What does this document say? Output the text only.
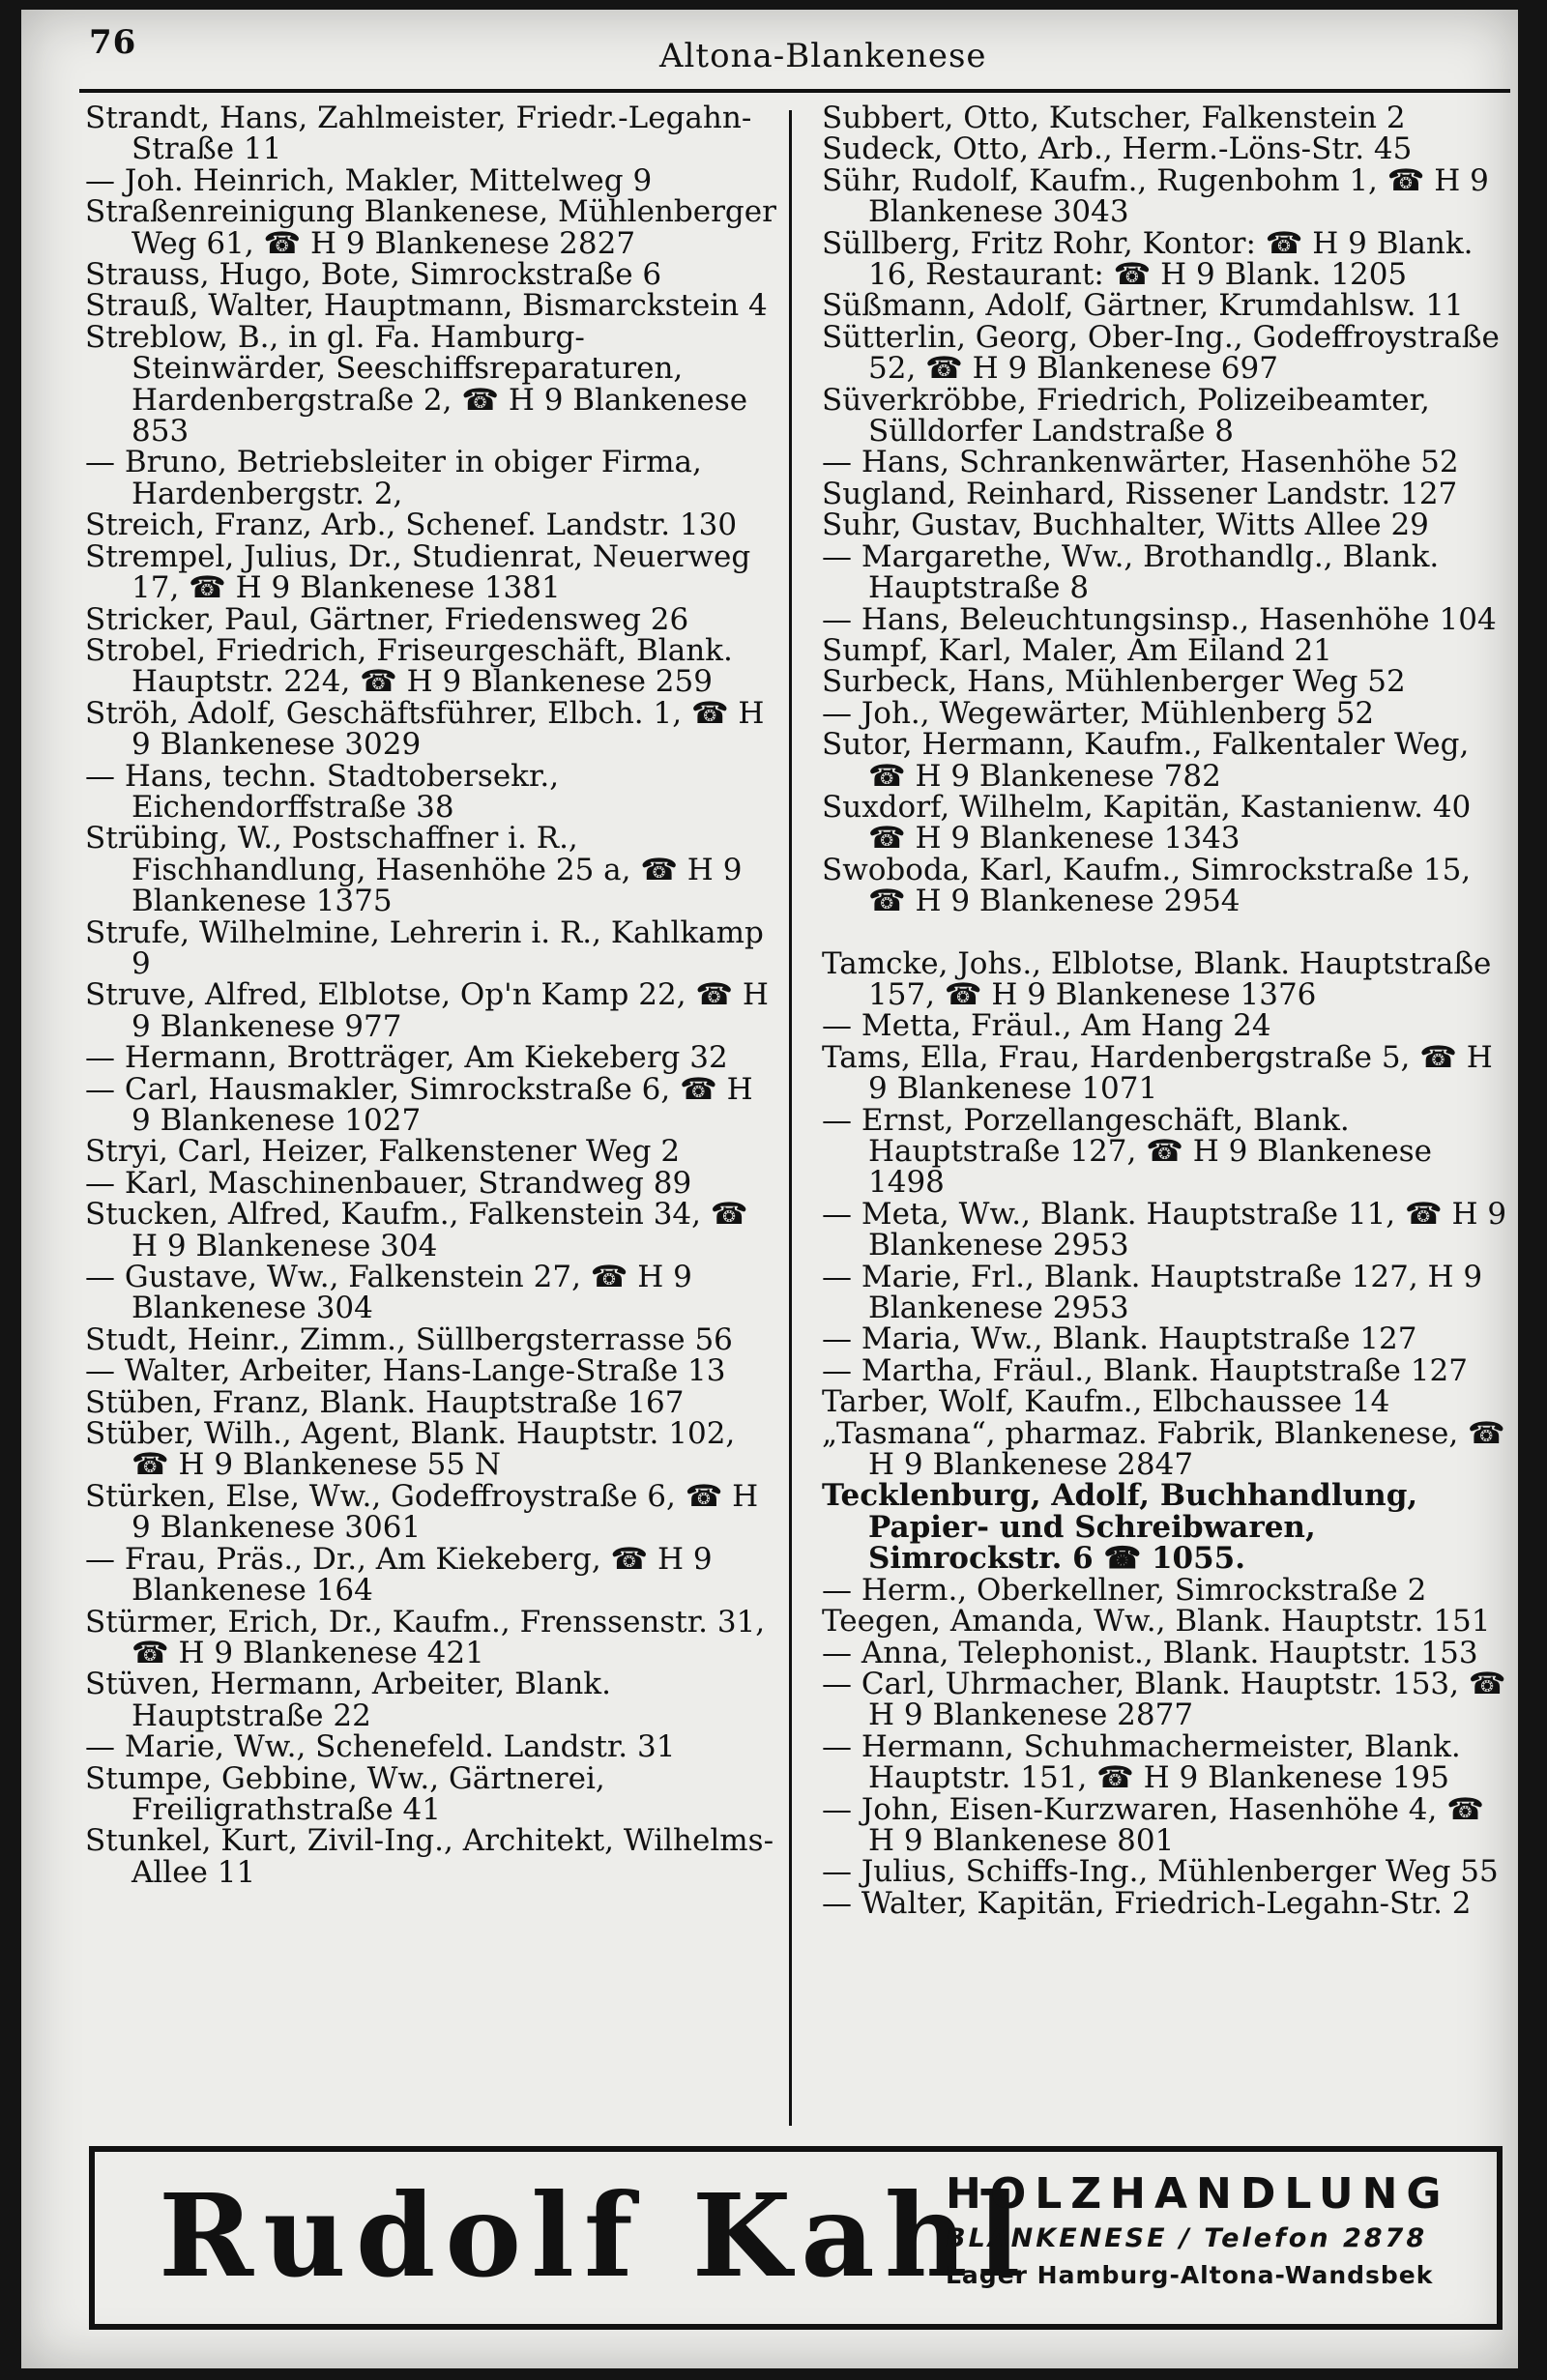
76	Altona-Blankenese
Strandt, Hans, Zahlmeister, Friedr.-Legahn-Straße 11
— Joh. Heinrich, Makler, Mittelweg 9
Straßenreinigung Blankenese, Mühlenberger Weg 61, ☎ H 9 Blankenese 2827
Strauss, Hugo, Bote, Simrockstraße 6
Strauß, Walter, Hauptmann, Bismarckstein 4
Streblow, B., in gl. Fa. Hamburg-Steinwärder, Seeschiffsreparaturen, Hardenbergstraße 2, ☎ H 9 Blankenese 853
— Bruno, Betriebsleiter in obiger Firma, Hardenbergstr. 2,
Streich, Franz, Arb., Schenef. Landstr. 130
Strempel, Julius, Dr., Studienrat, Neuerweg 17, ☎ H 9 Blankenese 1381
Stricker, Paul, Gärtner, Friedensweg 26
Strobel, Friedrich, Friseurgeschäft, Blank. Hauptstr. 224, ☎ H 9 Blankenese 259
Ströh, Adolf, Geschäftsführer, Elbch. 1, ☎ H 9 Blankenese 3029
— Hans, techn. Stadtobersekr., Eichendorffstraße 38
Strübing, W., Postschaffner i. R., Fischhandlung, Hasenhöhe 25 a, ☎ H 9 Blankenese 1375
Strufe, Wilhelmine, Lehrerin i. R., Kahlkamp 9
Struve, Alfred, Elblotse, Op'n Kamp 22, ☎ H 9 Blankenese 977
— Hermann, Brotträger, Am Kiekeberg 32
— Carl, Hausmakler, Simrockstraße 6, ☎ H 9 Blankenese 1027
Stryi, Carl, Heizer, Falkenstener Weg 2
— Karl, Maschinenbauer, Strandweg 89
Stucken, Alfred, Kaufm., Falkenstein 34, ☎ H 9 Blankenese 304
— Gustave, Ww., Falkenstein 27, ☎ H 9 Blankenese 304
Studt, Heinr., Zimm., Süllbergsterrasse 56
— Walter, Arbeiter, Hans-Lange-Straße 13
Stüben, Franz, Blank. Hauptstraße 167
Stüber, Wilh., Agent, Blank. Hauptstr. 102, ☎ H 9 Blankenese 55 N
Stürken, Else, Ww., Godeffroystraße 6, ☎ H 9 Blankenese 3061
— Frau, Präs., Dr., Am Kiekeberg, ☎ H 9 Blankenese 164
Stürmer, Erich, Dr., Kaufm., Frenssenstr. 31, ☎ H 9 Blankenese 421
Stüven, Hermann, Arbeiter, Blank. Hauptstraße 22
— Marie, Ww., Schenefeld. Landstr. 31
Stumpe, Gebbine, Ww., Gärtnerei, Freiligrathstraße 41
Stunkel, Kurt, Zivil-Ing., Architekt, Wilhelms-Allee 11
Subbert, Otto, Kutscher, Falkenstein 2
Sudeck, Otto, Arb., Herm.-Löns-Str. 45
Sühr, Rudolf, Kaufm., Rugenbohm 1, ☎ H 9 Blankenese 3043
Süllberg, Fritz Rohr, Kontor: ☎ H 9 Blank. 16, Restaurant: ☎ H 9 Blank. 1205
Süßmann, Adolf, Gärtner, Krumdahlsw. 11
Sütterlin, Georg, Ober-Ing., Godeffroystraße 52, ☎ H 9 Blankenese 697
Süverkröbbe, Friedrich, Polizeibeamter, Sülldorfer Landstraße 8
— Hans, Schrankenwärter, Hasenhöhe 52
Sugland, Reinhard, Rissener Landstr. 127
Suhr, Gustav, Buchhalter, Witts Allee 29
— Margarethe, Ww., Brothandlg., Blank. Hauptstraße 8
— Hans, Beleuchtungsinsp., Hasenhöhe 104
Sumpf, Karl, Maler, Am Eiland 21
Surbeck, Hans, Mühlenberger Weg 52
— Joh., Wegewärter, Mühlenberg 52
Sutor, Hermann, Kaufm., Falkentaler Weg, ☎ H 9 Blankenese 782
Suxdorf, Wilhelm, Kapitän, Kastanienw. 40 ☎ H 9 Blankenese 1343
Swoboda, Karl, Kaufm., Simrockstraße 15, ☎ H 9 Blankenese 2954
Tamcke, Johs., Elblotse, Blank. Hauptstraße 157, ☎ H 9 Blankenese 1376
— Metta, Fräul., Am Hang 24
Tams, Ella, Frau, Hardenbergstraße 5, ☎ H 9 Blankenese 1071
— Ernst, Porzellangeschäft, Blank. Hauptstraße 127, ☎ H 9 Blankenese 1498
— Meta, Ww., Blank. Hauptstraße 11, ☎ H 9 Blankenese 2953
— Marie, Frl., Blank. Hauptstraße 127, H 9 Blankenese 2953
— Maria, Ww., Blank. Hauptstraße 127
— Martha, Fräul., Blank. Hauptstraße 127
Tarber, Wolf, Kaufm., Elbchaussee 14
„Tasmana“, pharmaz. Fabrik, Blankenese, ☎ H 9 Blankenese 2847
Tecklenburg, Adolf, Buchhandlung, Papier- und Schreibwaren, Simrockstr. 6 ☎ 1055.
— Herm., Oberkellner, Simrockstraße 2
Teegen, Amanda, Ww., Blank. Hauptstr. 151
— Anna, Telephonist., Blank. Hauptstr. 153
— Carl, Uhrmacher, Blank. Hauptstr. 153, ☎ H 9 Blankenese 2877
— Hermann, Schuhmachermeister, Blank. Hauptstr. 151, ☎ H 9 Blankenese 195
— John, Eisen-Kurzwaren, Hasenhöhe 4, ☎ H 9 Blankenese 801
— Julius, Schiffs-Ing., Mühlenberger Weg 55
— Walter, Kapitän, Friedrich-Legahn-Str. 2
Rudolf Kahl
HOLZHANDLUNG
BLANKENESE / Telefon 2878
Lager Hamburg-Altona-Wandsbek
